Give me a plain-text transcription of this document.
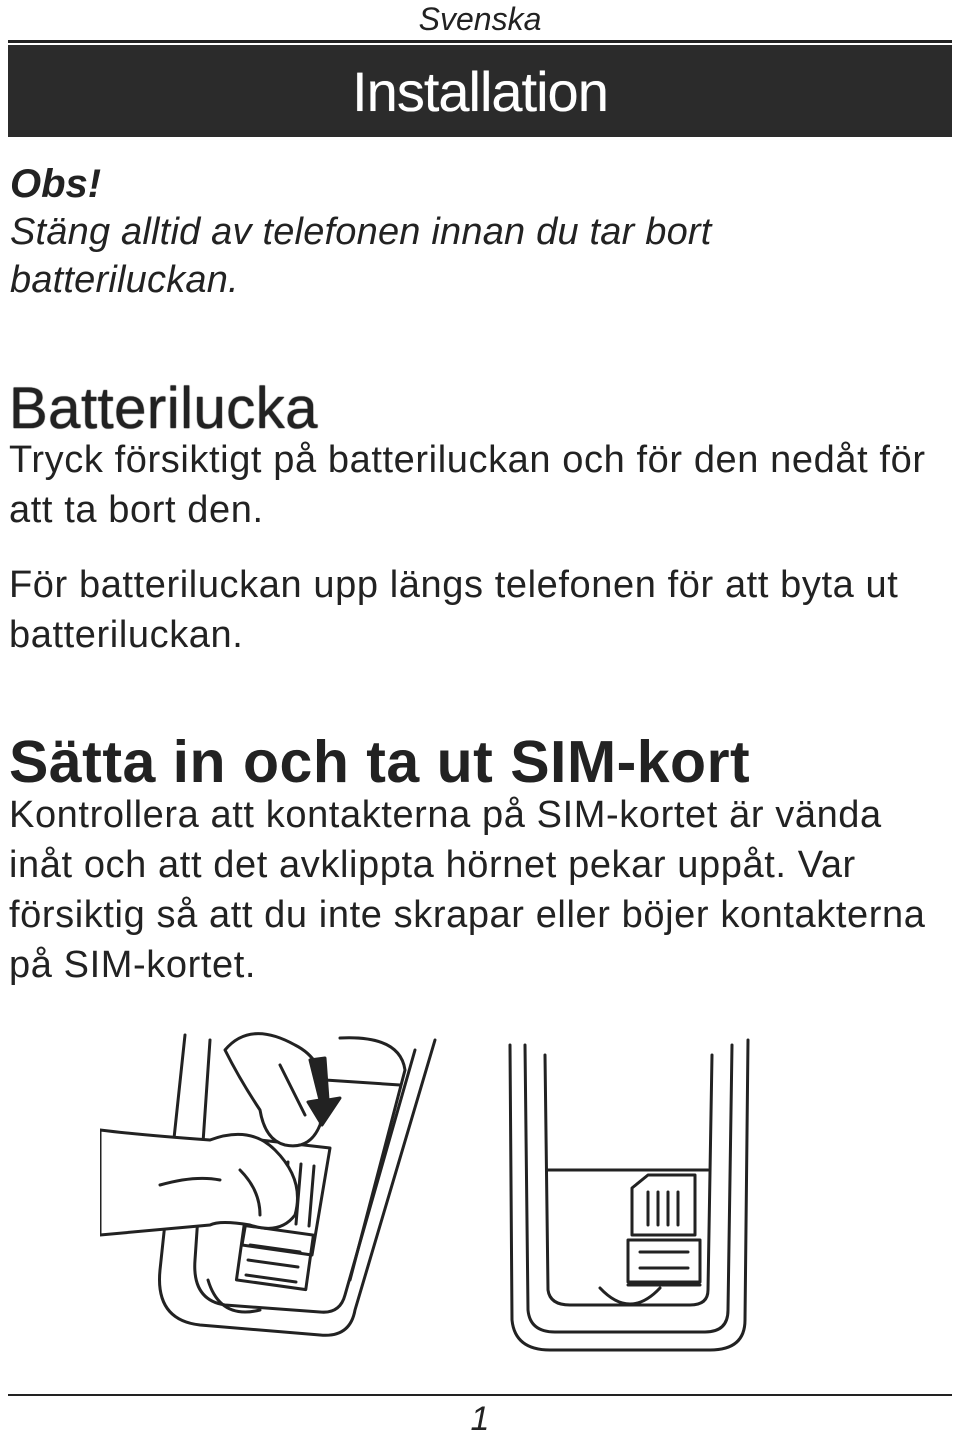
Svenska
Installation
Obs!
Stäng alltid av telefonen innan du tar bort batteriluckan.
Batterilucka

Tryck försiktigt på batteriluckan och för den nedåt för att ta bort den.

För batteriluckan upp längs telefonen för att byta ut batteriluckan.

Sätta in och ta ut SIM-kort

Kontrollera att kontakterna på SIM-kortet är vända inåt och att det avklippta hörnet pekar uppåt. Var försiktig så att du inte skrapar eller böjer kontakterna på SIM-kortet.

1
